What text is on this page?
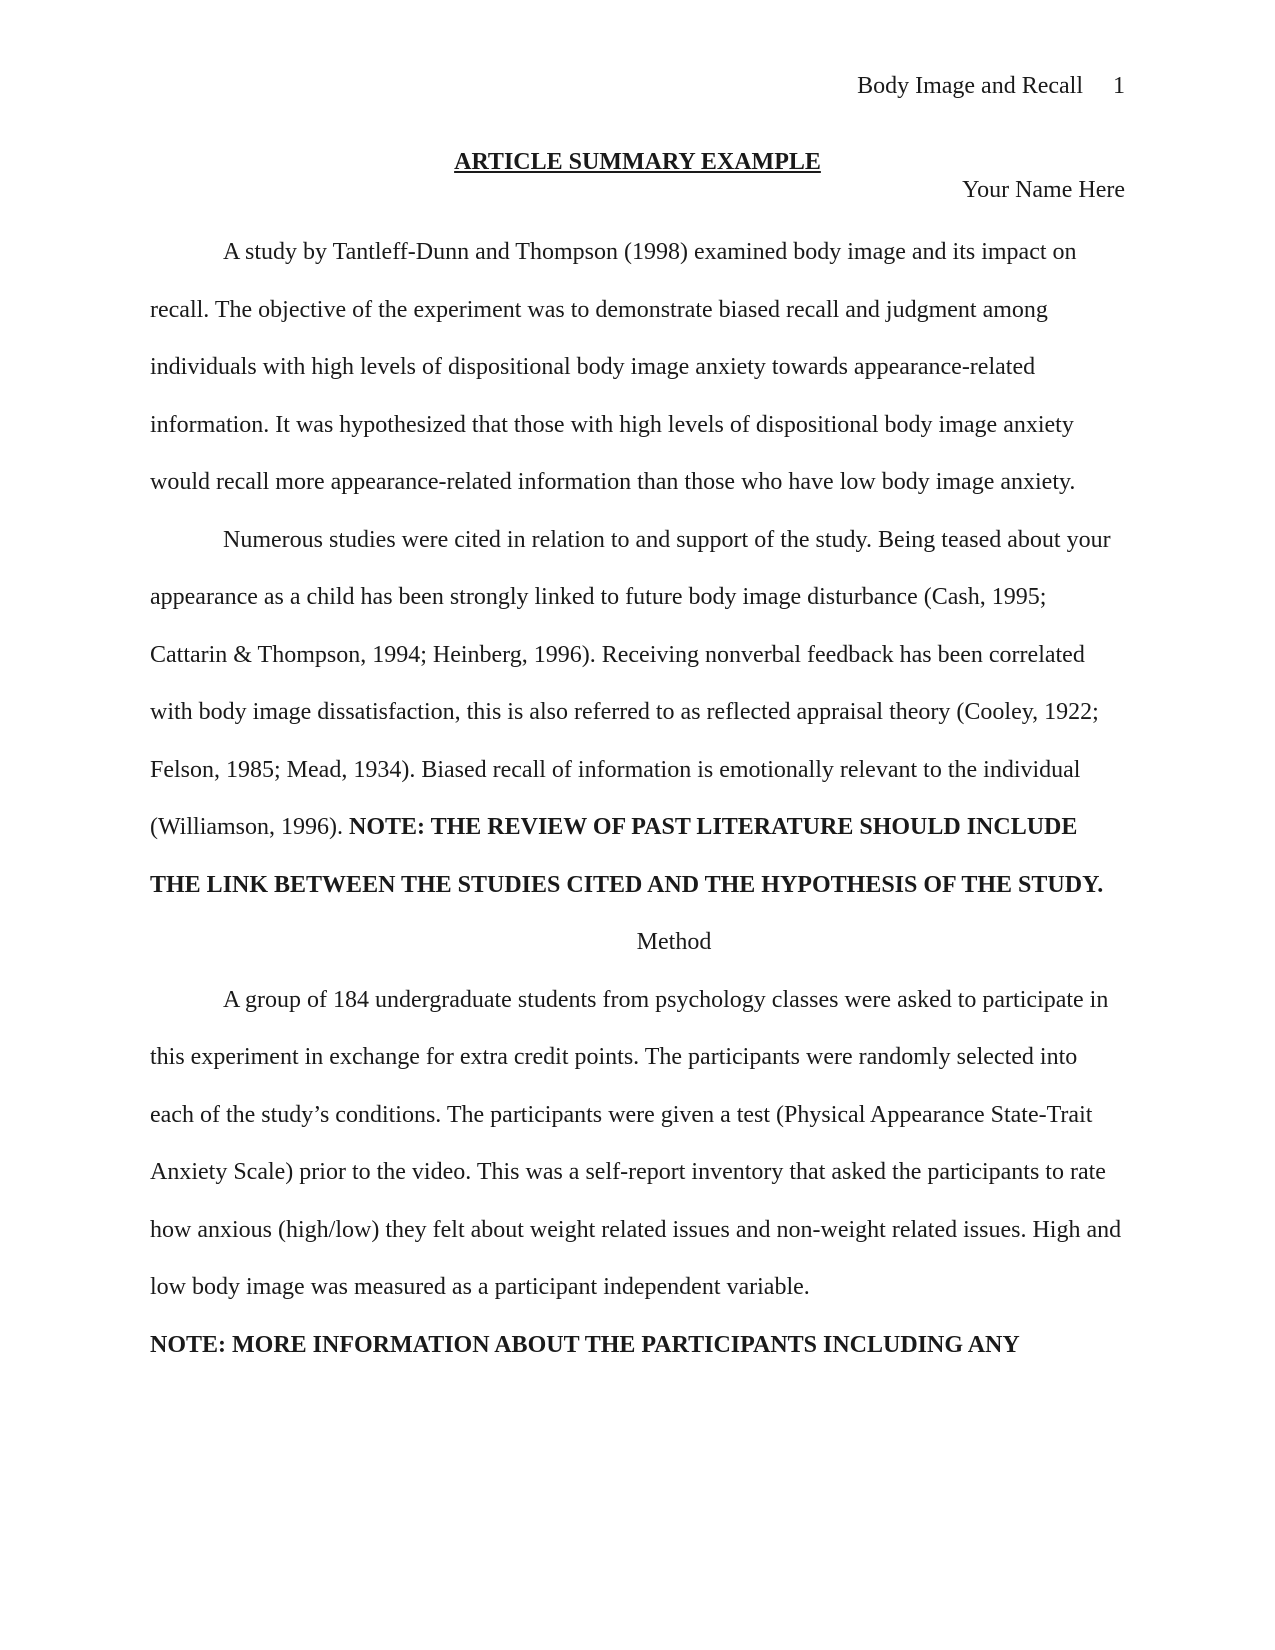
Body Image and Recall 1
ARTICLE SUMMARY EXAMPLE
Your Name Here

A study by Tantleff-Dunn and Thompson (1998) examined body image and its impact on recall. The objective of the experiment was to demonstrate biased recall and judgment among individuals with high levels of dispositional body image anxiety towards appearance-related information. It was hypothesized that those with high levels of dispositional body image anxiety would recall more appearance-related information than those who have low body image anxiety.

Numerous studies were cited in relation to and support of the study. Being teased about your appearance as a child has been strongly linked to future body image disturbance (Cash, 1995; Cattarin & Thompson, 1994; Heinberg, 1996). Receiving nonverbal feedback has been correlated with body image dissatisfaction, this is also referred to as reflected appraisal theory (Cooley, 1922; Felson, 1985; Mead, 1934). Biased recall of information is emotionally relevant to the individual (Williamson, 1996). NOTE: THE REVIEW OF PAST LITERATURE SHOULD INCLUDE THE LINK BETWEEN THE STUDIES CITED AND THE HYPOTHESIS OF THE STUDY.

Method

A group of 184 undergraduate students from psychology classes were asked to participate in this experiment in exchange for extra credit points. The participants were randomly selected into each of the study’s conditions. The participants were given a test (Physical Appearance State-Trait Anxiety Scale) prior to the video. This was a self-report inventory that asked the participants to rate how anxious (high/low) they felt about weight related issues and non-weight related issues. High and low body image was measured as a participant independent variable.

NOTE: MORE INFORMATION ABOUT THE PARTICIPANTS INCLUDING ANY
